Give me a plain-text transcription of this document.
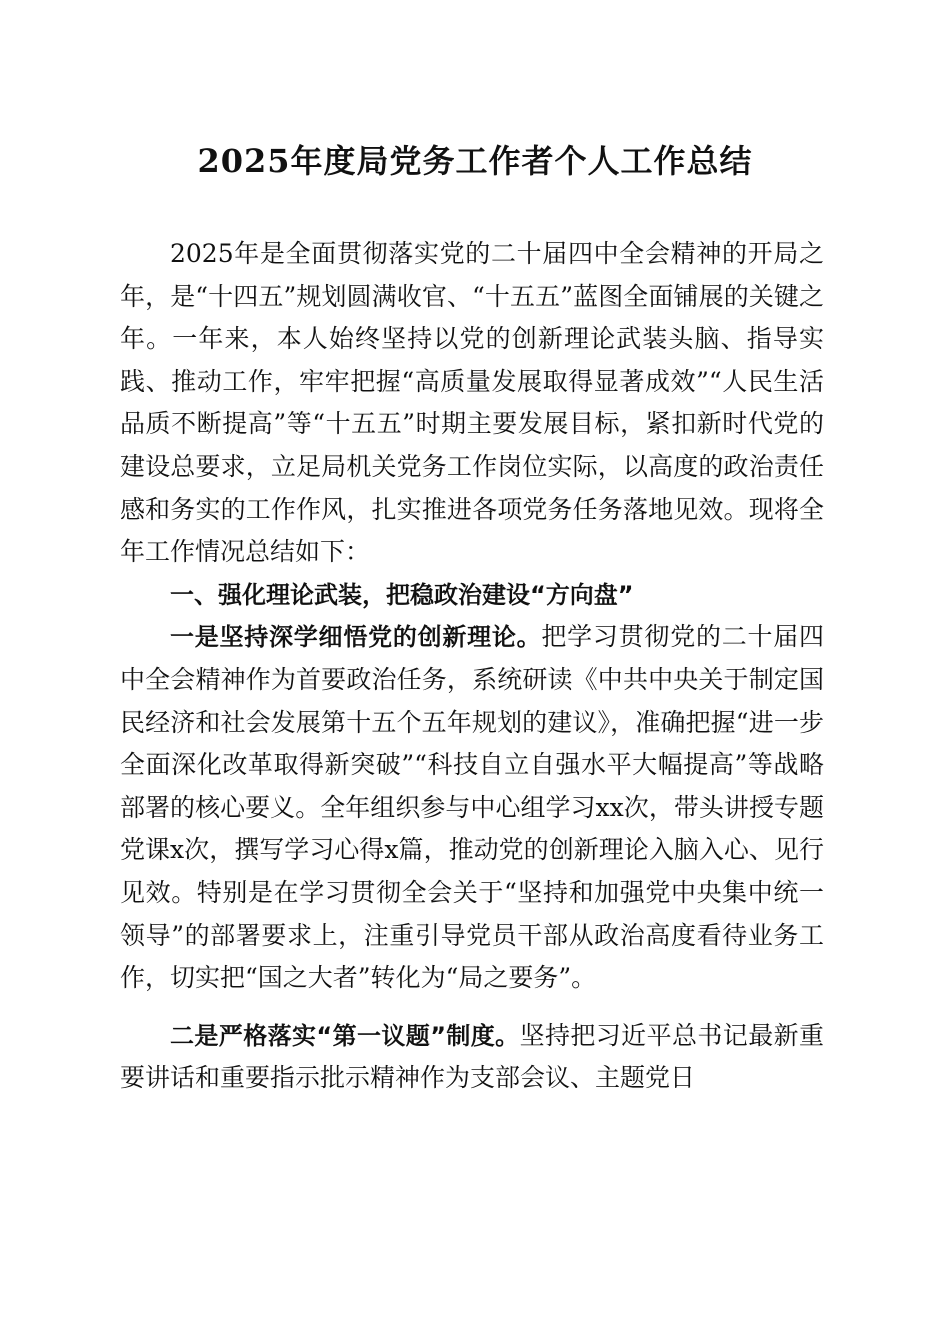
2025年度局党务工作者个人工作总结

2025年是全面贯彻落实党的二十届四中全会精神的开局之年，是“十四五”规划圆满收官、“十五五”蓝图全面铺展的关键之年。一年来，本人始终坚持以党的创新理论武装头脑、指导实践、推动工作，牢牢把握“高质量发展取得显著成效”“人民生活品质不断提高”等“十五五”时期主要发展目标，紧扣新时代党的建设总要求，立足局机关党务工作岗位实际，以高度的政治责任感和务实的工作作风，扎实推进各项党务任务落地见效。现将全年工作情况总结如下：

一、强化理论武装，把稳政治建设“方向盘”

一是坚持深学细悟党的创新理论。把学习贯彻党的二十届四中全会精神作为首要政治任务，系统研读《中共中央关于制定国民经济和社会发展第十五个五年规划的建议》，准确把握“进一步全面深化改革取得新突破”“科技自立自强水平大幅提高”等战略部署的核心要义。全年组织参与中心组学习xx次，带头讲授专题党课x次，撰写学习心得x篇，推动党的创新理论入脑入心、见行见效。特别是在学习贯彻全会关于“坚持和加强党中央集中统一领导”的部署要求上，注重引导党员干部从政治高度看待业务工作，切实把“国之大者”转化为“局之要务”。

二是严格落实“第一议题”制度。坚持把习近平总书记最新重要讲话和重要指示批示精神作为支部会议、主题党日
